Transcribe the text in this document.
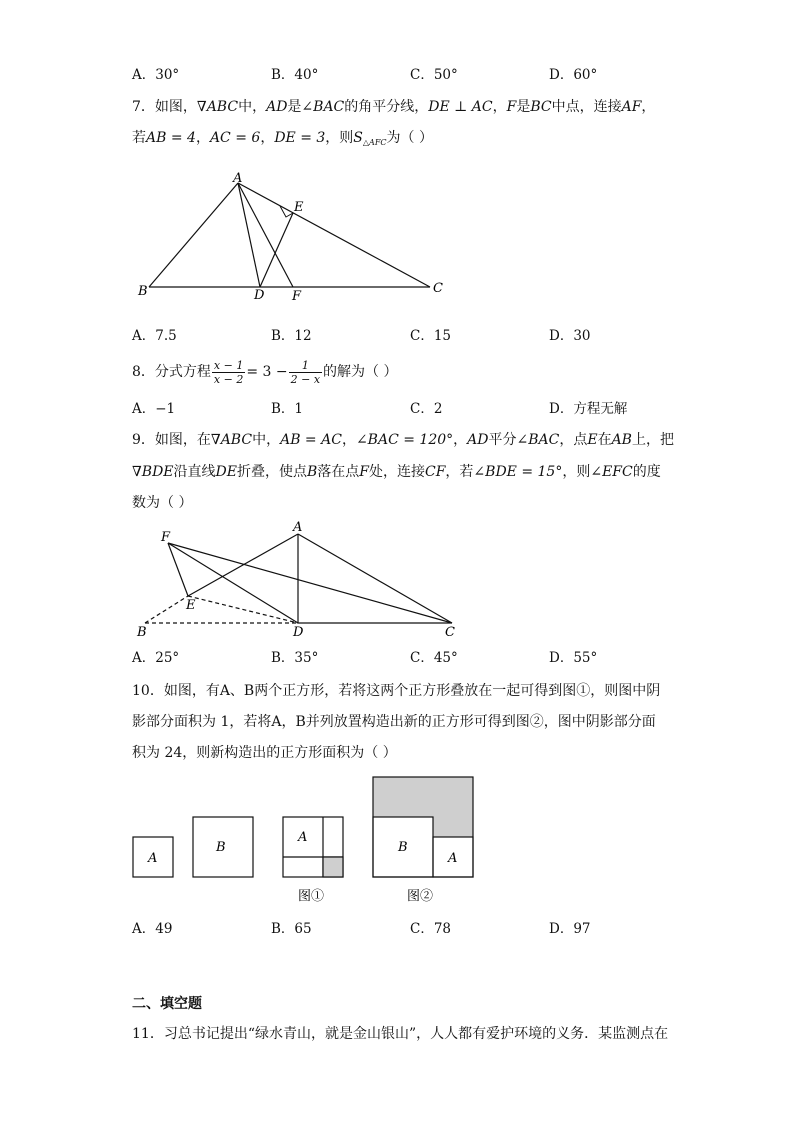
A．30°	B．40°	C．50°	D．60°
7．如图，∇ABC中，AD是∠BAC的角平分线，DE ⊥ AC，F是BC中点，连接AF，
若AB = 4，AC = 6，DE = 3，则$S_{\triangle AFC}$为（ ）
A
B	C
D
E
F
A．7.5	B．12	C．15	D．30
8．分式方程 $\frac{x - 1}{x - 2} = 3 - \frac{1}{2 - x}$ 的解为（ ）
A．−1	B．1	C．2	D．方程无解
9．如图，在∇ABC中，AB = AC，∠BAC = 120°，AD平分∠BAC，点E在AB上，把
∇BDE沿直线DE折叠，使点B落在点F处，连接CF，若∠BDE = 15°，则∠EFC的度
数为（ ）
A
B	C
D
E
F
A．25°	B．35°	C．45°	D．55°
10．如图，有A、B两个正方形，若将这两个正方形叠放在一起可得到图①，则图中阴
影部分面积为 1，若将A，B并列放置构造出新的正方形可得到图②，图中阴影部分面
积为 24，则新构造出的正方形面积为（ ）
A
B
A
B
A
图①	图②
A．49	B．65	C．78	D．97
二、填空题
11．习总书记提出“绿水青山，就是金山银山”，人人都有爱护环境的义务．某监测点在
